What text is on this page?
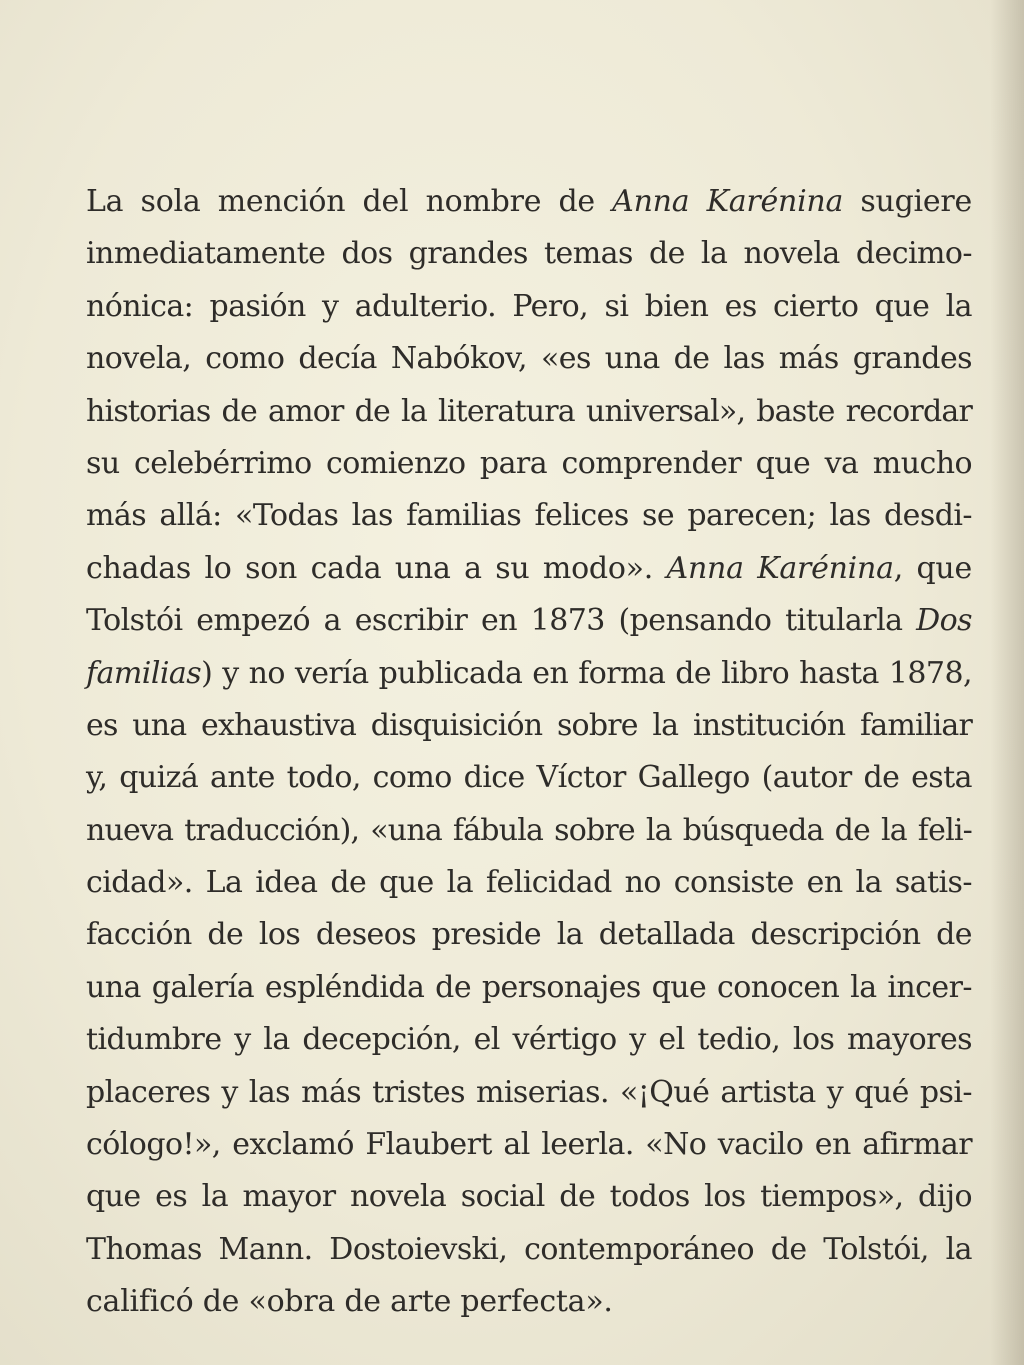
La sola mención del nombre de Anna Karénina sugiere
inmediatamente dos grandes temas de la novela decimo-
nónica: pasión y adulterio. Pero, si bien es cierto que la
novela, como decía Nabókov, «es una de las más grandes
historias de amor de la literatura universal», baste recordar
su celebérrimo comienzo para comprender que va mucho
más allá: «Todas las familias felices se parecen; las desdi-
chadas lo son cada una a su modo». Anna Karénina, que
Tolstói empezó a escribir en 1873 (pensando titularla Dos
familias) y no vería publicada en forma de libro hasta 1878,
es una exhaustiva disquisición sobre la institución familiar
y, quizá ante todo, como dice Víctor Gallego (autor de esta
nueva traducción), «una fábula sobre la búsqueda de la feli-
cidad». La idea de que la felicidad no consiste en la satis-
facción de los deseos preside la detallada descripción de
una galería espléndida de personajes que conocen la incer-
tidumbre y la decepción, el vértigo y el tedio, los mayores
placeres y las más tristes miserias. «¡Qué artista y qué psi-
cólogo!», exclamó Flaubert al leerla. «No vacilo en afirmar
que es la mayor novela social de todos los tiempos», dijo
Thomas Mann. Dostoievski, contemporáneo de Tolstói, la
calificó de «obra de arte perfecta».
